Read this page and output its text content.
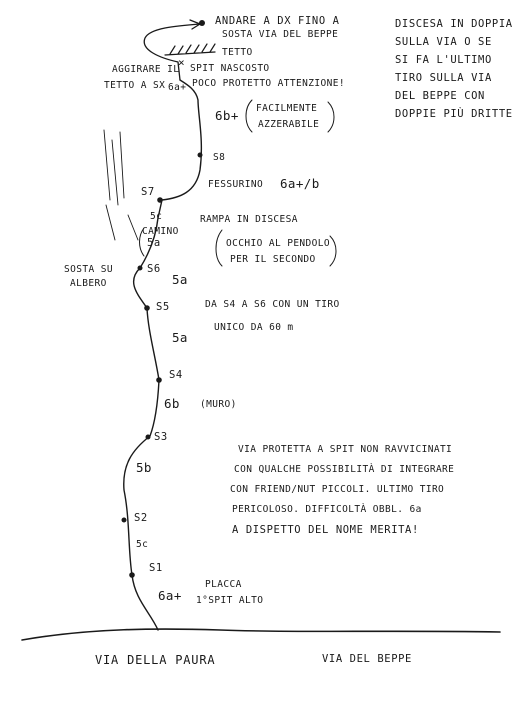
×
ANDARE A DX FINO A
SOSTA VIA DEL BEPPE
TETTO
SPIT NASCOSTO
POCO PROTETTO ATTENZIONE!
AGGIRARE IL
TETTO A SX 6a+
6b+ FACILMENTE
AZZERABILE
DISCESA IN DOPPIA
SULLA VIA O SE
SI FA L'ULTIMO
TIRO SULLA VIA
DEL BEPPE CON
DOPPIE PIÙ DRITTE
S8
FESSURINO 6a+/b
S7
5c
CAMINO
5a
RAMPA IN DISCESA
OCCHIO AL PENDOLO
PER IL SECONDO
SOSTA SU
ALBERO
S6
5a
S5	DA S4 A S6 CON UN TIRO
UNICO DA 60 m
5a
S4
6b (MURO)
S3
5b
S2
5c
S1
PLACCA
6a+ 1°SPIT ALTO
VIA PROTETTA A SPIT NON RAVVICINATI
CON QUALCHE POSSIBILITÀ DI INTEGRARE
CON FRIEND/NUT PICCOLI. ULTIMO TIRO
PERICOLOSO. DIFFICOLTÀ OBBL. 6a
A DISPETTO DEL NOME MERITA!
VIA DELLA PAURA	VIA DEL BEPPE
